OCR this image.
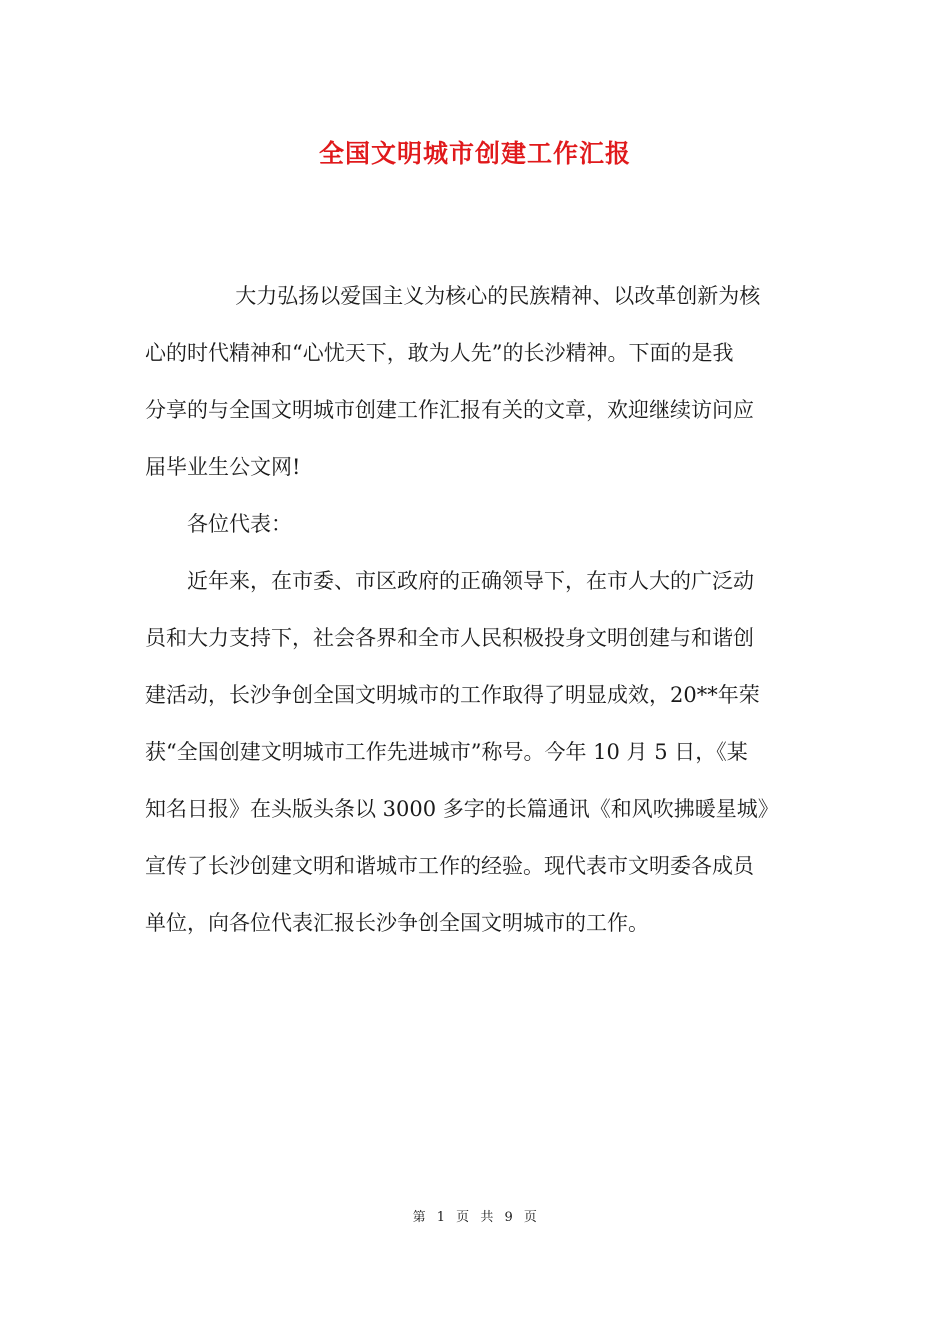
全国文明城市创建工作汇报

大力弘扬以爱国主义为核心的民族精神、以改革创新为核
心的时代精神和“心忧天下，敢为人先”的长沙精神。下面的是我
分享的与全国文明城市创建工作汇报有关的文章，欢迎继续访问应
届毕业生公文网!

各位代表：

近年来，在市委、市区政府的正确领导下，在市人大的广泛动
员和大力支持下，社会各界和全市人民积极投身文明创建与和谐创
建活动，长沙争创全国文明城市的工作取得了明显成效，20**年荣
获“全国创建文明城市工作先进城市”称号。今年 10 月 5 日，《某
知名日报》在头版头条以 3000 多字的长篇通讯《和风吹拂暖星城》
宣传了长沙创建文明和谐城市工作的经验。现代表市文明委各成员
单位，向各位代表汇报长沙争创全国文明城市的工作。

第 1 页 共 9 页
